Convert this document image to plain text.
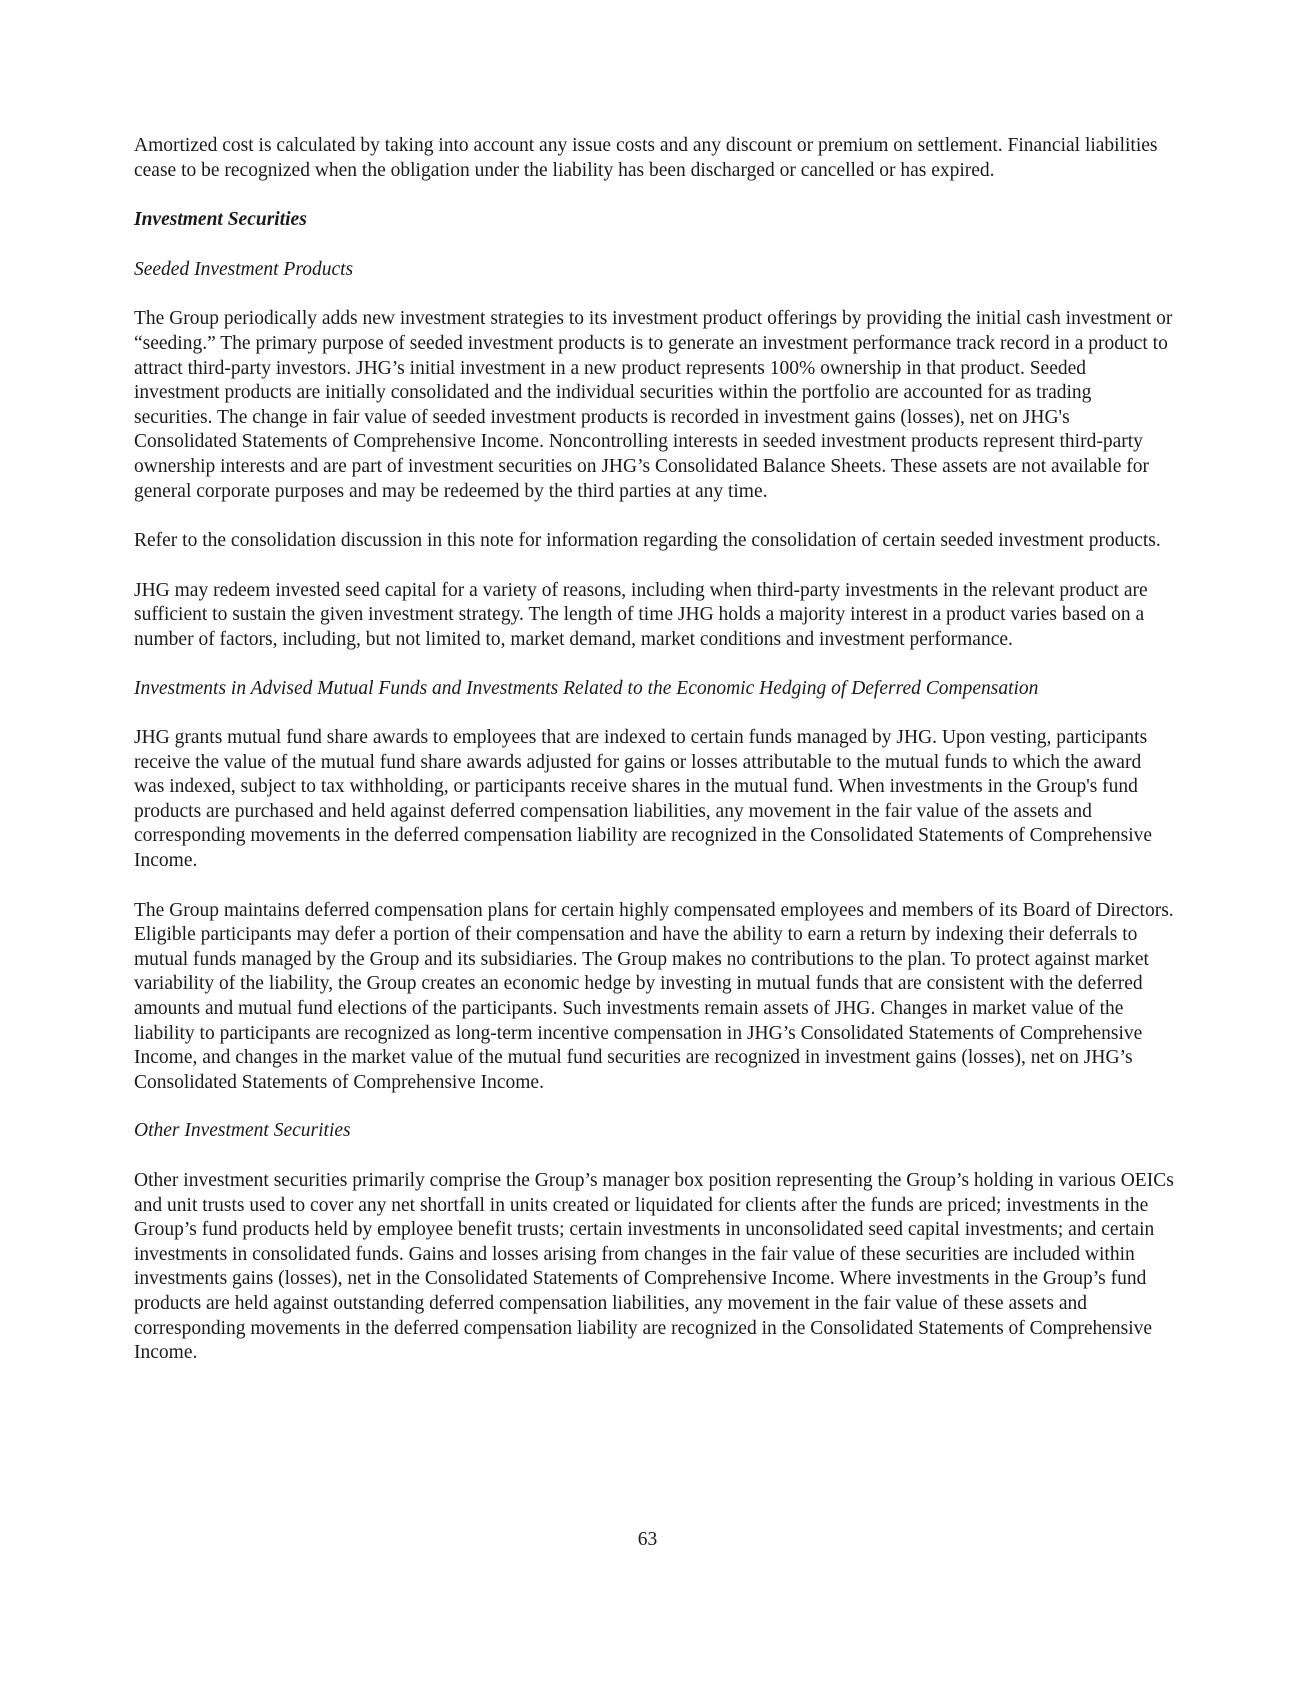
Amortized cost is calculated by taking into account any issue costs and any discount or premium on settlement. Financial liabilities cease to be recognized when the obligation under the liability has been discharged or cancelled or has expired.

Investment Securities

Seeded Investment Products

The Group periodically adds new investment strategies to its investment product offerings by providing the initial cash investment or “seeding.” The primary purpose of seeded investment products is to generate an investment performance track record in a product to attract third-party investors. JHG’s initial investment in a new product represents 100% ownership in that product. Seeded investment products are initially consolidated and the individual securities within the portfolio are accounted for as trading securities. The change in fair value of seeded investment products is recorded in investment gains (losses), net on JHG's Consolidated Statements of Comprehensive Income. Noncontrolling interests in seeded investment products represent third-party ownership interests and are part of investment securities on JHG’s Consolidated Balance Sheets. These assets are not available for general corporate purposes and may be redeemed by the third parties at any time.

Refer to the consolidation discussion in this note for information regarding the consolidation of certain seeded investment products.

JHG may redeem invested seed capital for a variety of reasons, including when third-party investments in the relevant product are sufficient to sustain the given investment strategy. The length of time JHG holds a majority interest in a product varies based on a number of factors, including, but not limited to, market demand, market conditions and investment performance.

Investments in Advised Mutual Funds and Investments Related to the Economic Hedging of Deferred Compensation

JHG grants mutual fund share awards to employees that are indexed to certain funds managed by JHG. Upon vesting, participants receive the value of the mutual fund share awards adjusted for gains or losses attributable to the mutual funds to which the award was indexed, subject to tax withholding, or participants receive shares in the mutual fund. When investments in the Group's fund products are purchased and held against deferred compensation liabilities, any movement in the fair value of the assets and corresponding movements in the deferred compensation liability are recognized in the Consolidated Statements of Comprehensive Income.

The Group maintains deferred compensation plans for certain highly compensated employees and members of its Board of Directors. Eligible participants may defer a portion of their compensation and have the ability to earn a return by indexing their deferrals to mutual funds managed by the Group and its subsidiaries. The Group makes no contributions to the plan. To protect against market variability of the liability, the Group creates an economic hedge by investing in mutual funds that are consistent with the deferred amounts and mutual fund elections of the participants. Such investments remain assets of JHG. Changes in market value of the liability to participants are recognized as long-term incentive compensation in JHG’s Consolidated Statements of Comprehensive Income, and changes in the market value of the mutual fund securities are recognized in investment gains (losses), net on JHG’s Consolidated Statements of Comprehensive Income.

Other Investment Securities

Other investment securities primarily comprise the Group’s manager box position representing the Group’s holding in various OEICs and unit trusts used to cover any net shortfall in units created or liquidated for clients after the funds are priced; investments in the Group’s fund products held by employee benefit trusts; certain investments in unconsolidated seed capital investments; and certain investments in consolidated funds. Gains and losses arising from changes in the fair value of these securities are included within investments gains (losses), net in the Consolidated Statements of Comprehensive Income. Where investments in the Group’s fund products are held against outstanding deferred compensation liabilities, any movement in the fair value of these assets and corresponding movements in the deferred compensation liability are recognized in the Consolidated Statements of Comprehensive Income.

63
